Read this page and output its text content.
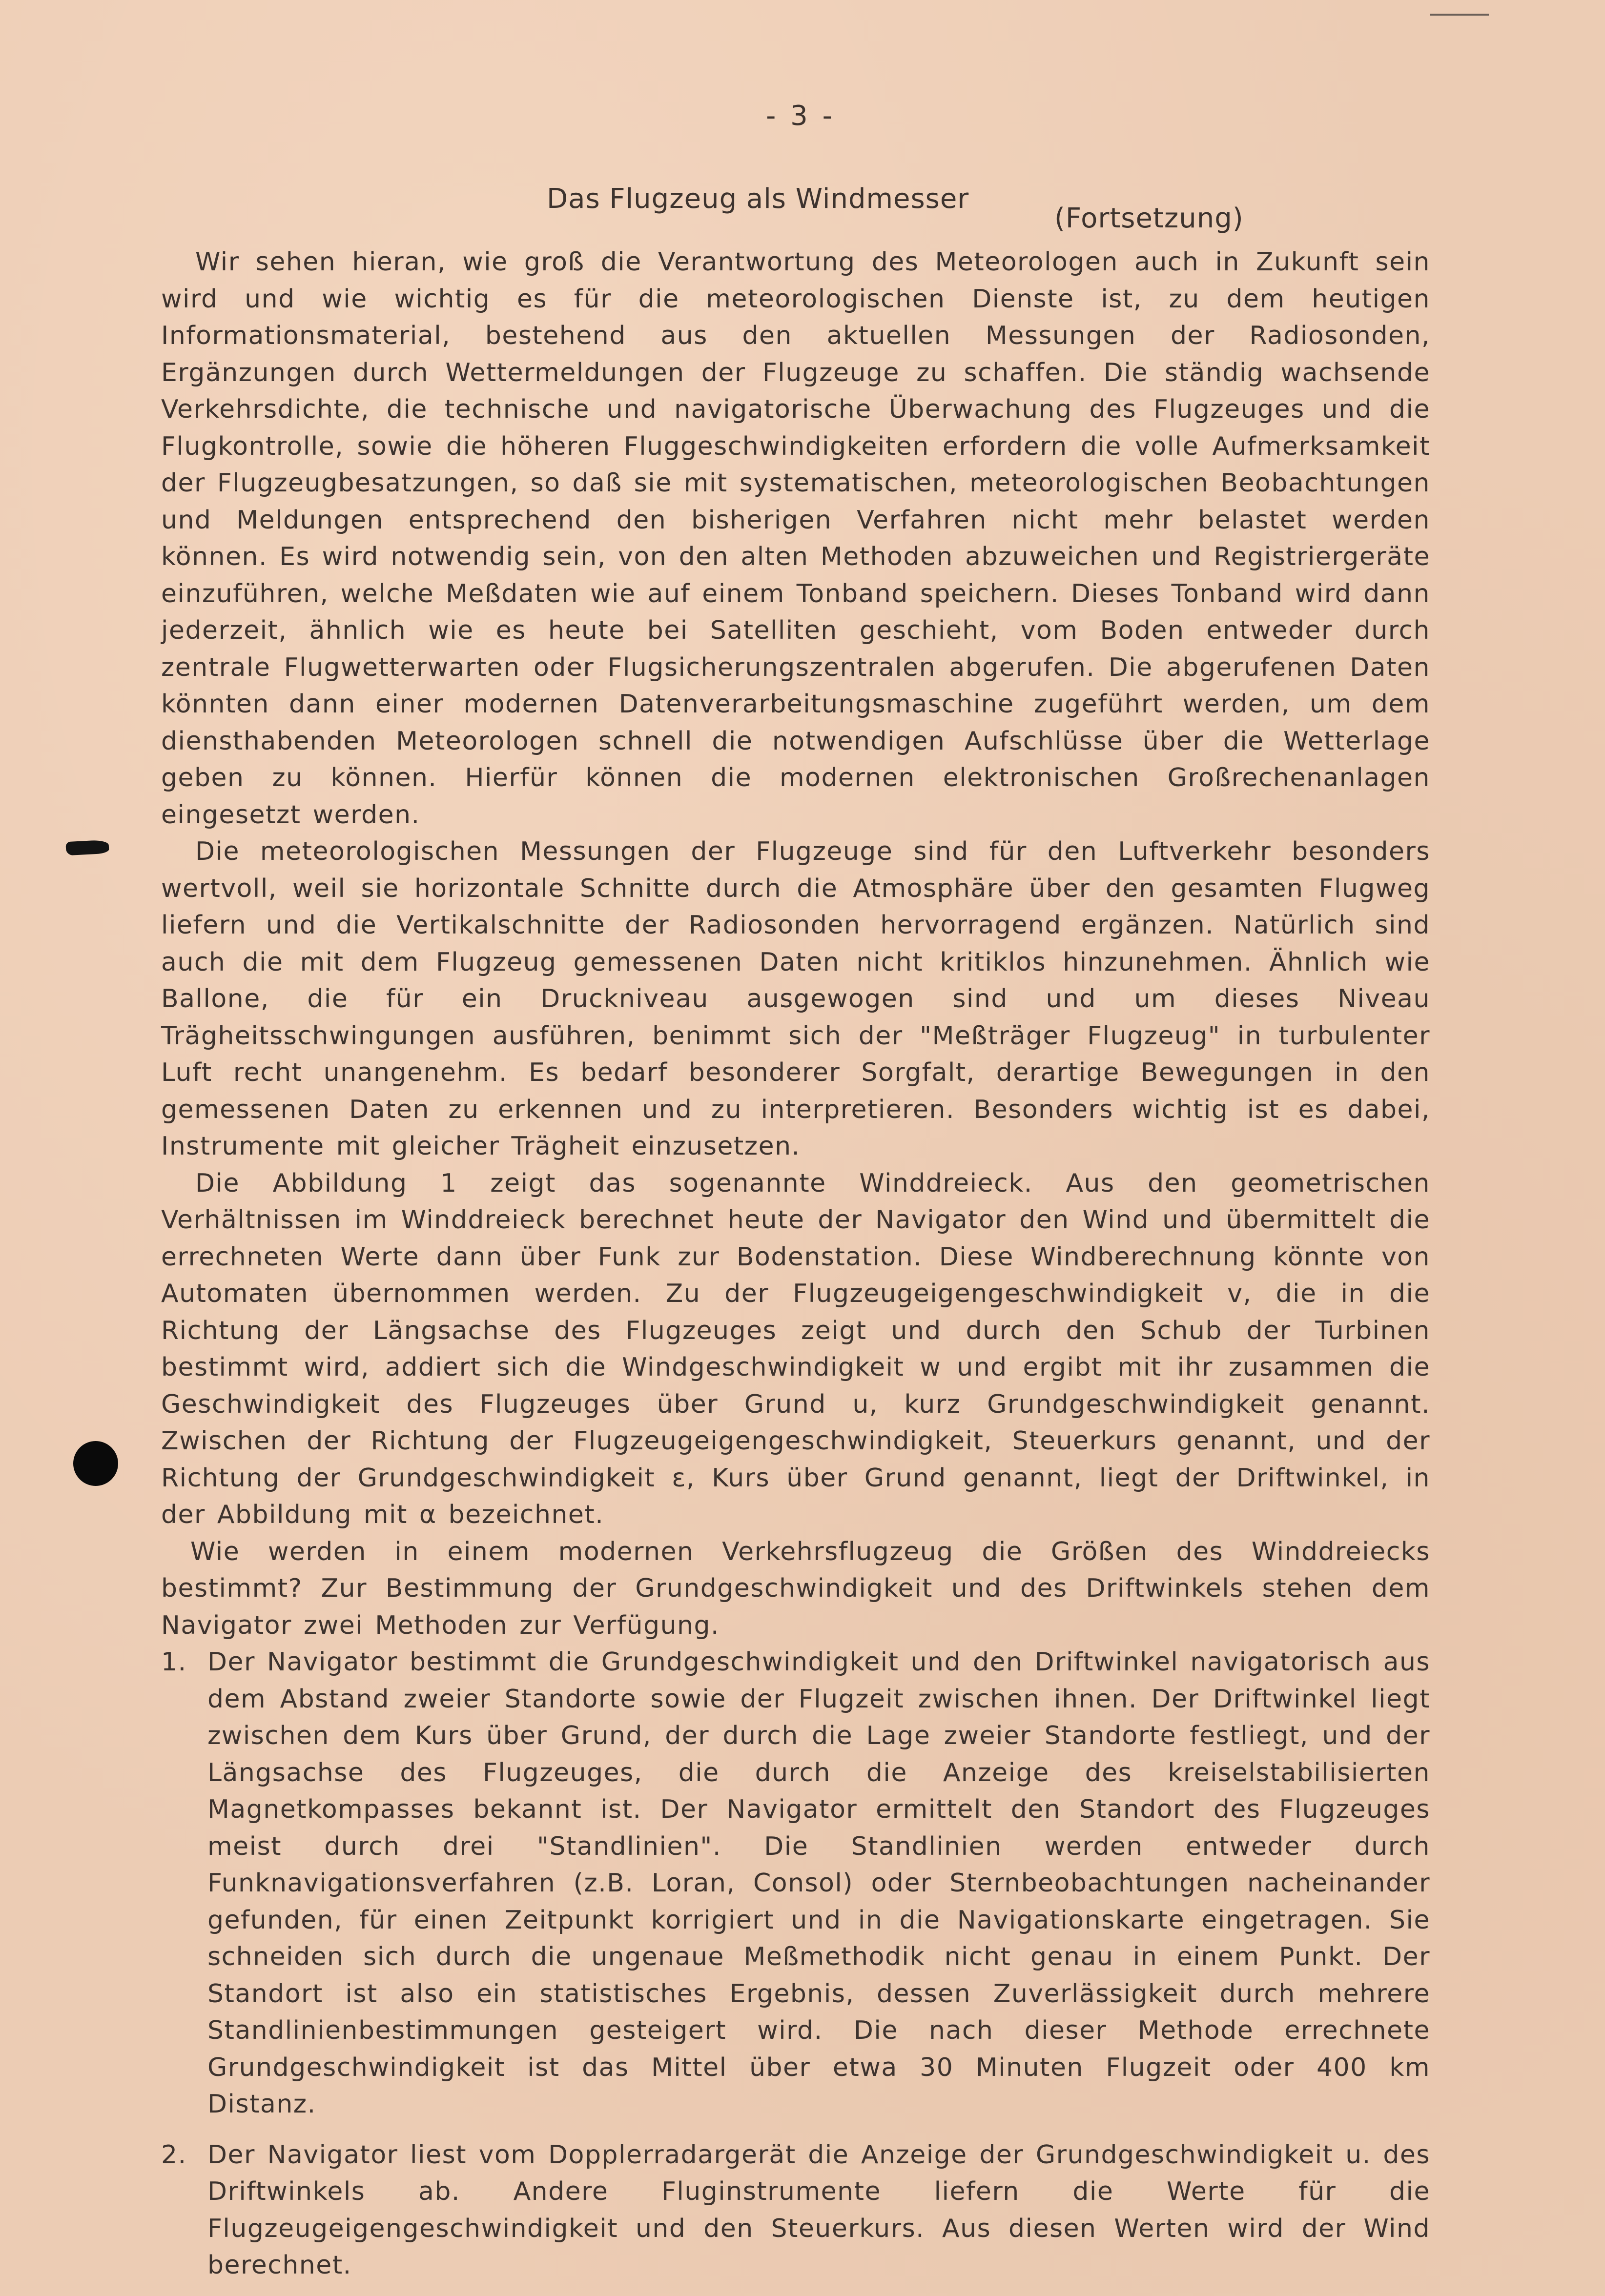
- 3 -
Das Flugzeug als Windmesser
(Fortsetzung)

Wir sehen hieran, wie groß die Verantwortung des Meteorologen auch in Zukunft sein wird und wie wichtig es für die meteorologischen Dienste ist, zu dem heutigen Informationsmaterial, bestehend aus den aktuellen Messungen der Radiosonden, Ergänzungen durch Wettermeldungen der Flugzeuge zu schaffen. Die ständig wachsende Verkehrsdichte, die technische und navigatorische Überwachung des Flugzeuges und die Flugkontrolle, sowie die höheren Fluggeschwindigkeiten erfordern die volle Aufmerksamkeit der Flugzeugbesatzungen, so daß sie mit systematischen, meteorologischen Beobachtungen und Meldungen entsprechend den bisherigen Verfahren nicht mehr belastet werden können. Es wird notwendig sein, von den alten Methoden abzuweichen und Registriergeräte einzuführen, welche Meßdaten wie auf einem Tonband speichern. Dieses Tonband wird dann jederzeit, ähnlich wie es heute bei Satelliten geschieht, vom Boden entweder durch zentrale Flugwetterwarten oder Flugsicherungszentralen abgerufen. Die abgerufenen Daten könnten dann einer modernen Datenverarbeitungsmaschine zugeführt werden, um dem diensthabenden Meteorologen schnell die notwendigen Aufschlüsse über die Wetterlage geben zu können. Hierfür können die modernen elektronischen Großrechenanlagen eingesetzt werden.

Die meteorologischen Messungen der Flugzeuge sind für den Luftverkehr besonders wertvoll, weil sie horizontale Schnitte durch die Atmosphäre über den gesamten Flugweg liefern und die Vertikalschnitte der Radiosonden hervorragend ergänzen. Natürlich sind auch die mit dem Flugzeug gemessenen Daten nicht kritiklos hinzunehmen. Ähnlich wie Ballone, die für ein Druckniveau ausgewogen sind und um dieses Niveau Trägheitsschwingungen ausführen, benimmt sich der "Meßträger Flugzeug" in turbulenter Luft recht unangenehm. Es bedarf besonderer Sorgfalt, derartige Bewegungen in den gemessenen Daten zu erkennen und zu interpretieren. Besonders wichtig ist es dabei, Instrumente mit gleicher Trägheit einzusetzen.

Die Abbildung 1 zeigt das sogenannte Winddreieck. Aus den geometrischen Verhältnissen im Winddreieck berechnet heute der Navigator den Wind und übermittelt die errechneten Werte dann über Funk zur Bodenstation. Diese Windberechnung könnte von Automaten übernommen werden. Zu der Flugzeugeigengeschwindigkeit v, die in die Richtung der Längsachse des Flugzeuges zeigt und durch den Schub der Turbinen bestimmt wird, addiert sich die Windgeschwindigkeit w und ergibt mit ihr zusammen die Geschwindigkeit des Flugzeuges über Grund u, kurz Grundgeschwindigkeit genannt. Zwischen der Richtung der Flugzeugeigengeschwindigkeit, Steuerkurs genannt, und der Richtung der Grundgeschwindigkeit ε, Kurs über Grund genannt, liegt der Driftwinkel, in der Abbildung mit α bezeichnet.

Wie werden in einem modernen Verkehrsflugzeug die Größen des Winddreiecks bestimmt? Zur Bestimmung der Grundgeschwindigkeit und des Driftwinkels stehen dem Navigator zwei Methoden zur Verfügung.

1. Der Navigator bestimmt die Grundgeschwindigkeit und den Driftwinkel navigatorisch aus dem Abstand zweier Standorte sowie der Flugzeit zwischen ihnen. Der Driftwinkel liegt zwischen dem Kurs über Grund, der durch die Lage zweier Standorte festliegt, und der Längsachse des Flugzeuges, die durch die Anzeige des kreiselstabilisierten Magnetkompasses bekannt ist. Der Navigator ermittelt den Standort des Flugzeuges meist durch drei "Standlinien". Die Standlinien werden entweder durch Funknavigationsverfahren (z.B. Loran, Consol) oder Sternbeobachtungen nacheinander gefunden, für einen Zeitpunkt korrigiert und in die Navigationskarte eingetragen. Sie schneiden sich durch die ungenaue Meßmethodik nicht genau in einem Punkt. Der Standort ist also ein statistisches Ergebnis, dessen Zuverlässigkeit durch mehrere Standlinienbestimmungen gesteigert wird. Die nach dieser Methode errechnete Grundgeschwindigkeit ist das Mittel über etwa 30 Minuten Flugzeit oder 400 km Distanz.
2. Der Navigator liest vom Dopplerradargerät die Anzeige der Grundgeschwindigkeit u. des Driftwinkels ab. Andere Fluginstrumente liefern die Werte für die Flugzeugeigengeschwindigkeit und den Steuerkurs. Aus diesen Werten wird der Wind berechnet.
